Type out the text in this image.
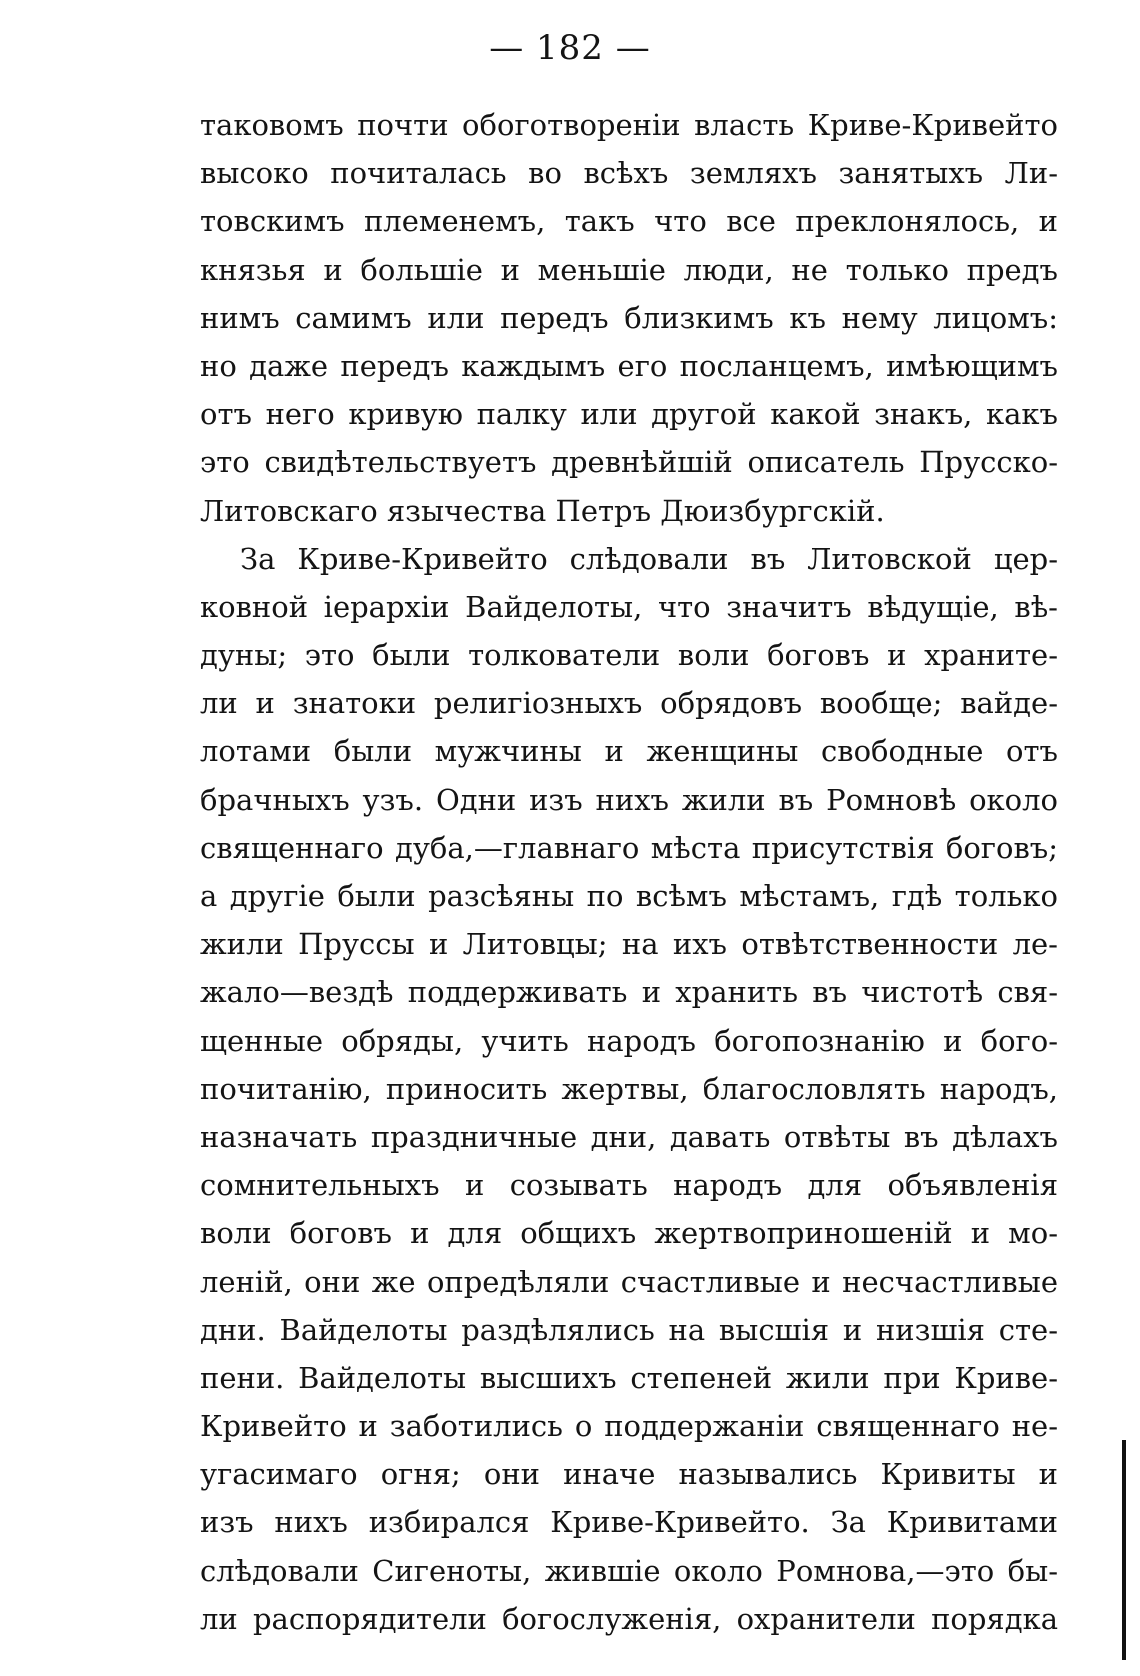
— 182 —
таковомъ почти обоготворенiи власть Криве-Кривейто
высоко почиталась во всѣхъ земляхъ занятыхъ Ли-
товскимъ племенемъ, такъ что все преклонялось, и
князья и большiе и меньшiе люди, не только предъ
нимъ самимъ или передъ близкимъ къ нему лицомъ:
но даже передъ каждымъ его посланцемъ, имѣющимъ
отъ него кривую палку или другой какой знакъ, какъ
это свидѣтельствуетъ древнѣйшiй описатель Прусско-
Литовскаго язычества Петръ Дюизбургскiй.
За Криве-Кривейто слѣдовали въ Литовской цер-
ковной iерархiи Вайделоты, что значитъ вѣдущiе, вѣ-
дуны; это были толкователи воли боговъ и храните-
ли и знатоки религiозныхъ обрядовъ вообще; вайде-
лотами были мужчины и женщины свободные отъ
брачныхъ узъ. Одни изъ нихъ жили въ Ромновѣ около
священнаго дуба,—главнаго мѣста присутствiя боговъ;
а другiе были разсѣяны по всѣмъ мѣстамъ, гдѣ только
жили Пруссы и Литовцы; на ихъ отвѣтственности ле-
жало—вездѣ поддерживать и хранить въ чистотѣ свя-
щенные обряды, учить народъ богопознанiю и бого-
почитанiю, приносить жертвы, благословлять народъ,
назначать праздничные дни, давать отвѣты въ дѣлахъ
сомнительныхъ и созывать народъ для объявленiя
воли боговъ и для общихъ жертвоприношенiй и мо-
ленiй, они же опредѣляли счастливые и несчастливые
дни. Вайделоты раздѣлялись на высшiя и низшiя сте-
пени. Вайделоты высшихъ степеней жили при Криве-
Кривейто и заботились о поддержанiи священнаго не-
угасимаго огня; они иначе назывались Кривиты и
изъ нихъ избирался Криве-Кривейто. За Кривитами
слѣдовали Сигеноты, жившiе около Ромнова,—это бы-
ли распорядители богослуженiя, охранители порядка
